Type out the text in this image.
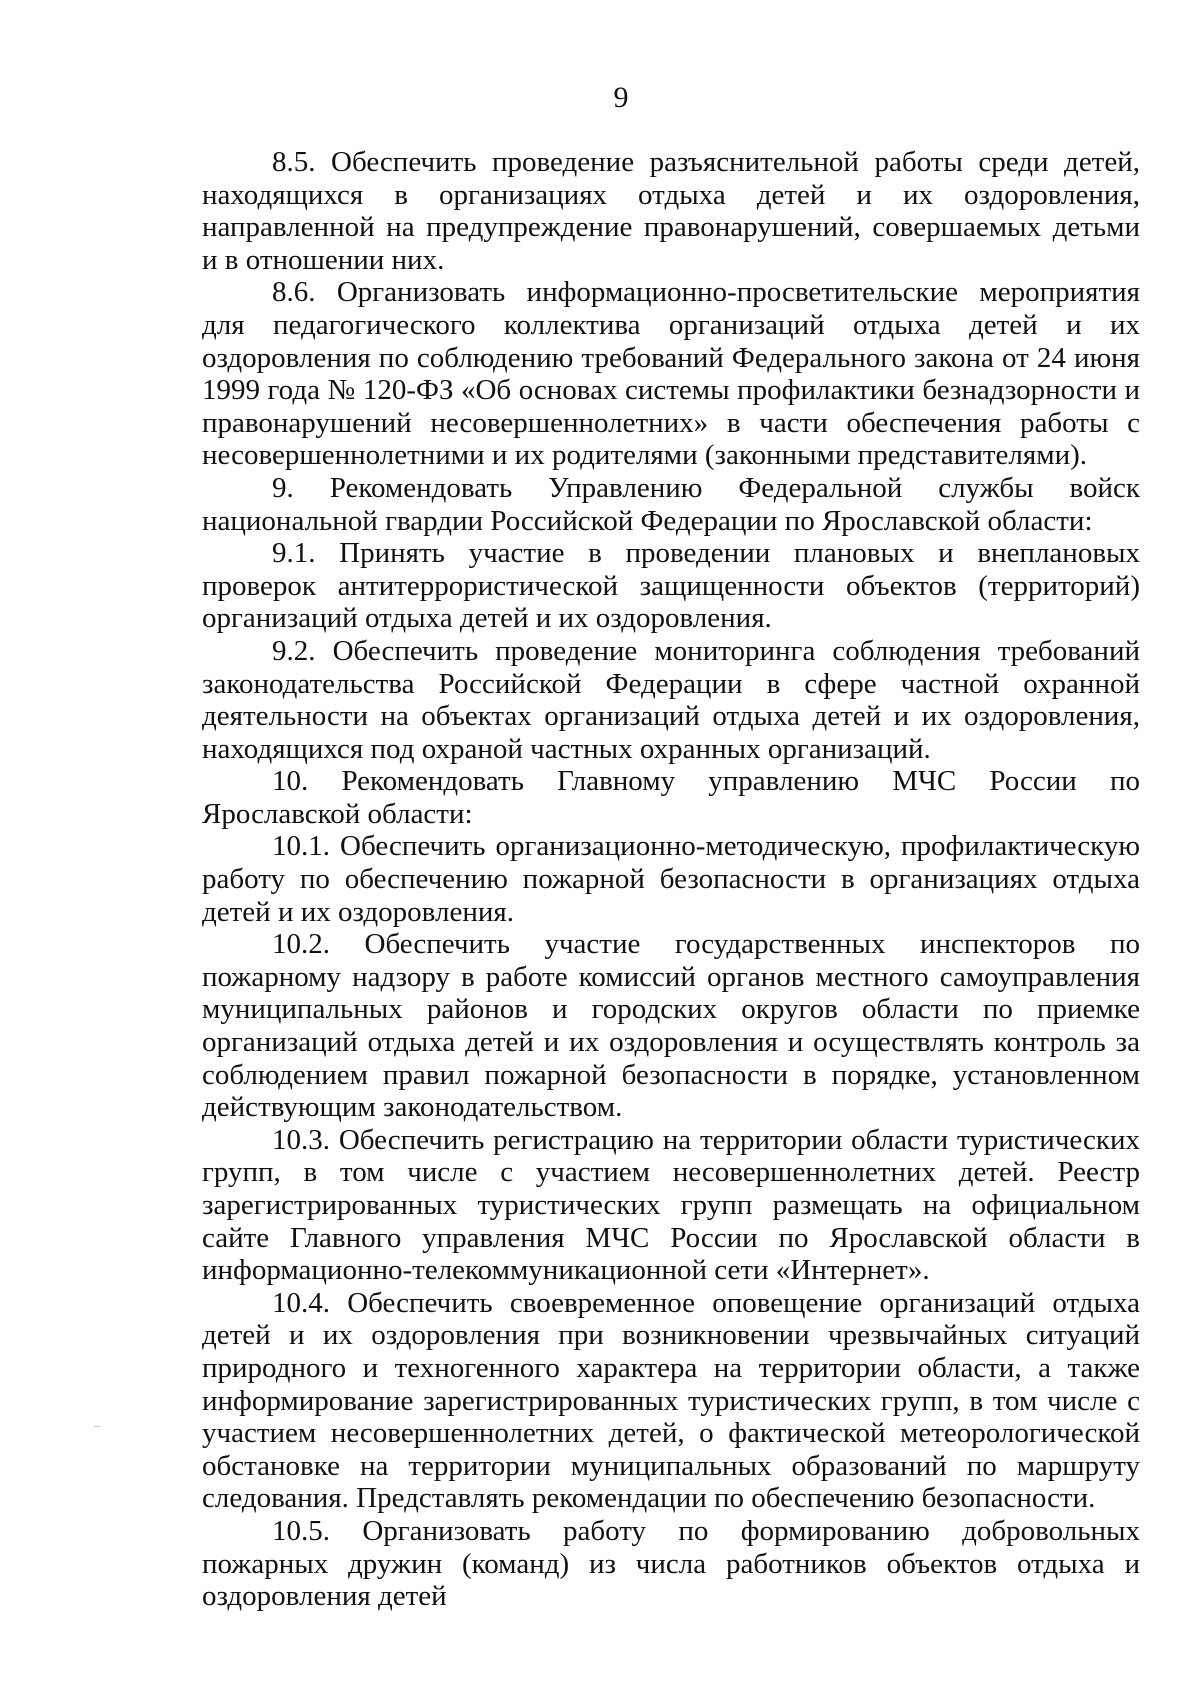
9

8.5. Обеспечить проведение разъяснительной работы среди детей, находящихся в организациях отдыха детей и их оздоровления, направленной на предупреждение правонарушений, совершаемых детьми и в отношении них.

8.6. Организовать информационно-просветительские мероприятия для педагогического коллектива организаций отдыха детей и их оздоровления по соблюдению требований Федерального закона от 24 июня 1999 года № 120-ФЗ «Об основах системы профилактики безнадзорности и правонарушений несовершеннолетних» в части обеспечения работы с несовершеннолетними и их родителями (законными представителями).

9. Рекомендовать Управлению Федеральной службы войск национальной гвардии Российской Федерации по Ярославской области:

9.1. Принять участие в проведении плановых и внеплановых проверок антитеррористической защищенности объектов (территорий) организаций отдыха детей и их оздоровления.

9.2. Обеспечить проведение мониторинга соблюдения требований законодательства Российской Федерации в сфере частной охранной деятельности на объектах организаций отдыха детей и их оздоровления, находящихся под охраной частных охранных организаций.

10. Рекомендовать Главному управлению МЧС России по Ярославской области:

10.1. Обеспечить организационно-методическую, профилактическую работу по обеспечению пожарной безопасности в организациях отдыха детей и их оздоровления.

10.2. Обеспечить участие государственных инспекторов по пожарному надзору в работе комиссий органов местного самоуправления муниципальных районов и городских округов области по приемке организаций отдыха детей и их оздоровления и осуществлять контроль за соблюдением правил пожарной безопасности в порядке, установленном действующим законодательством.

10.3. Обеспечить регистрацию на территории области туристических групп, в том числе с участием несовершеннолетних детей. Реестр зарегистрированных туристических групп размещать на официальном сайте Главного управления МЧС России по Ярославской области в информационно-телекоммуникационной сети «Интернет».

10.4. Обеспечить своевременное оповещение организаций отдыха детей и их оздоровления при возникновении чрезвычайных ситуаций природного и техногенного характера на территории области, а также информирование зарегистрированных туристических групп, в том числе с участием несовершеннолетних детей, о фактической метеорологической обстановке на территории муниципальных образований по маршруту следования. Представлять рекомендации по обеспечению безопасности.

10.5. Организовать работу по формированию добровольных пожарных дружин (команд) из числа работников объектов отдыха и оздоровления детей
